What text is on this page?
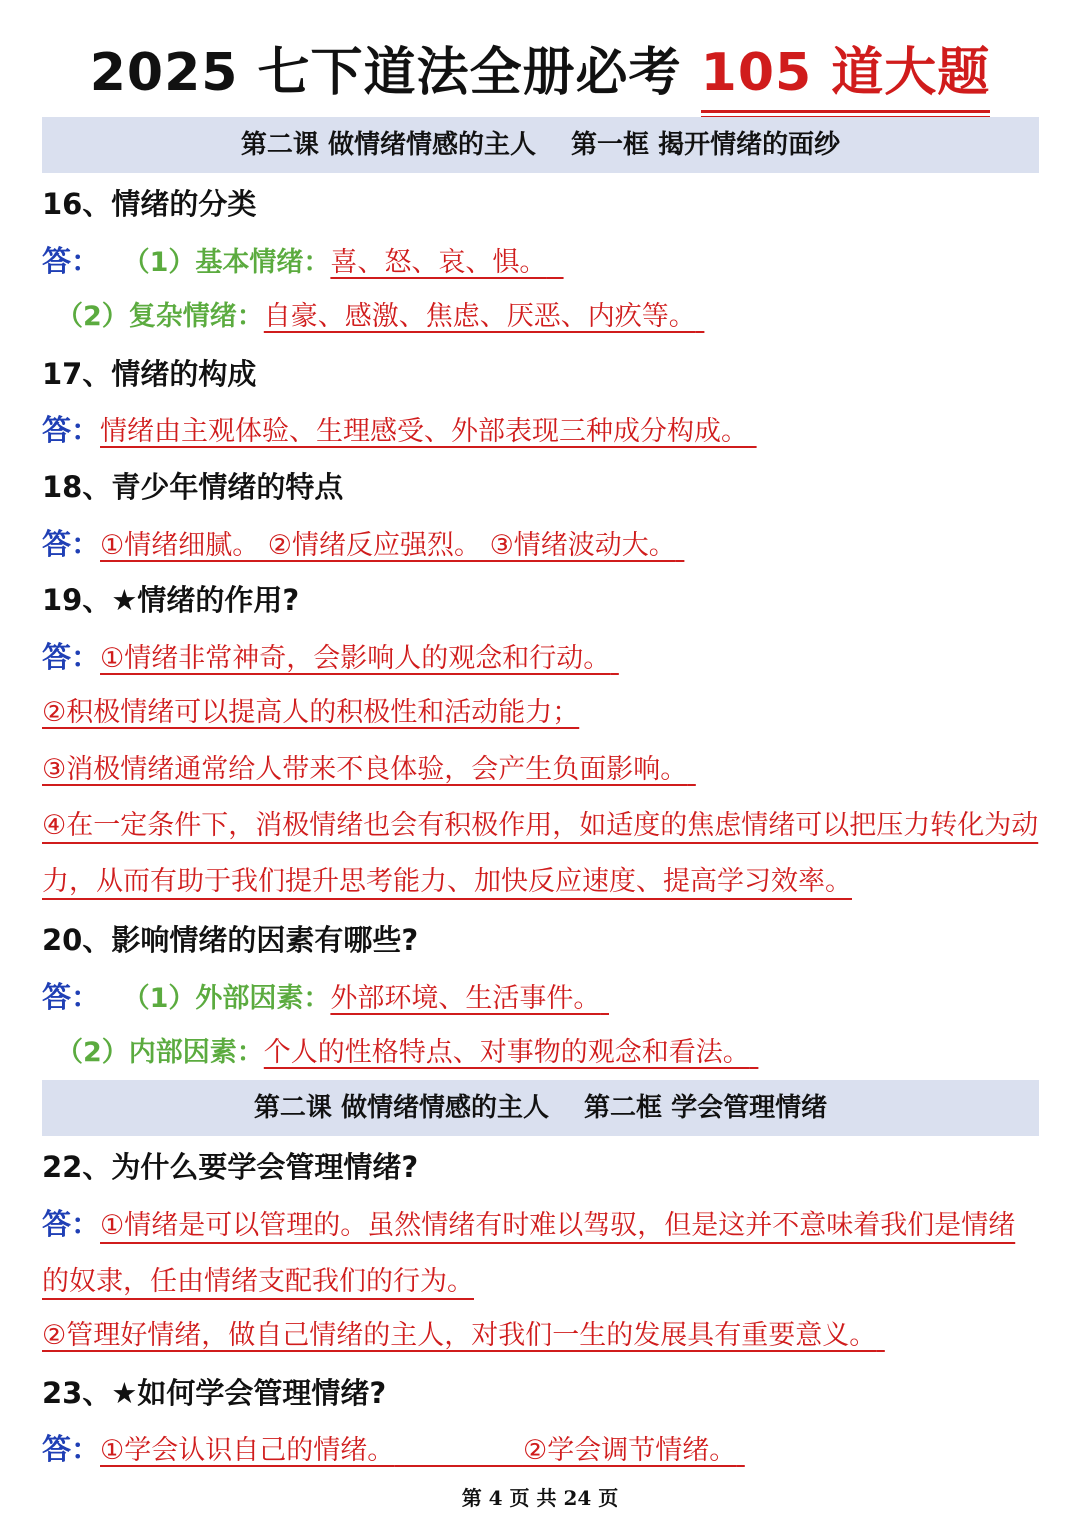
2025 七下道法全册必考 105 道大题
第二课 做情绪情感的主人　 第一框 揭开情绪的面纱
16、情绪的分类
答： （1）基本情绪：喜、怒、哀、惧。
（2）复杂情绪：自豪、感激、焦虑、厌恶、内疚等。
17、情绪的构成
答：情绪由主观体验、生理感受、外部表现三种成分构成。
18、青少年情绪的特点
答：①情绪细腻。 ②情绪反应强烈。 ③情绪波动大。
19、★情绪的作用?
答：①情绪非常神奇，会影响人的观念和行动。
②积极情绪可以提高人的积极性和活动能力；
③消极情绪通常给人带来不良体验，会产生负面影响。
④在一定条件下，消极情绪也会有积极作用，如适度的焦虑情绪可以把压力转化为动力，从而有助于我们提升思考能力、加快反应速度、提高学习效率。
20、影响情绪的因素有哪些?
答： （1）外部因素：外部环境、生活事件。
（2）内部因素：个人的性格特点、对事物的观念和看法。
第二课 做情绪情感的主人　 第二框 学会管理情绪
22、为什么要学会管理情绪?
答：①情绪是可以管理的。虽然情绪有时难以驾驭，但是这并不意味着我们是情绪的奴隶，任由情绪支配我们的行为。
②管理好情绪，做自己情绪的主人，对我们一生的发展具有重要意义。
23、★如何学会管理情绪?
答：①学会认识自己的情绪。	②学会调节情绪。
第 4 页 共 24 页
